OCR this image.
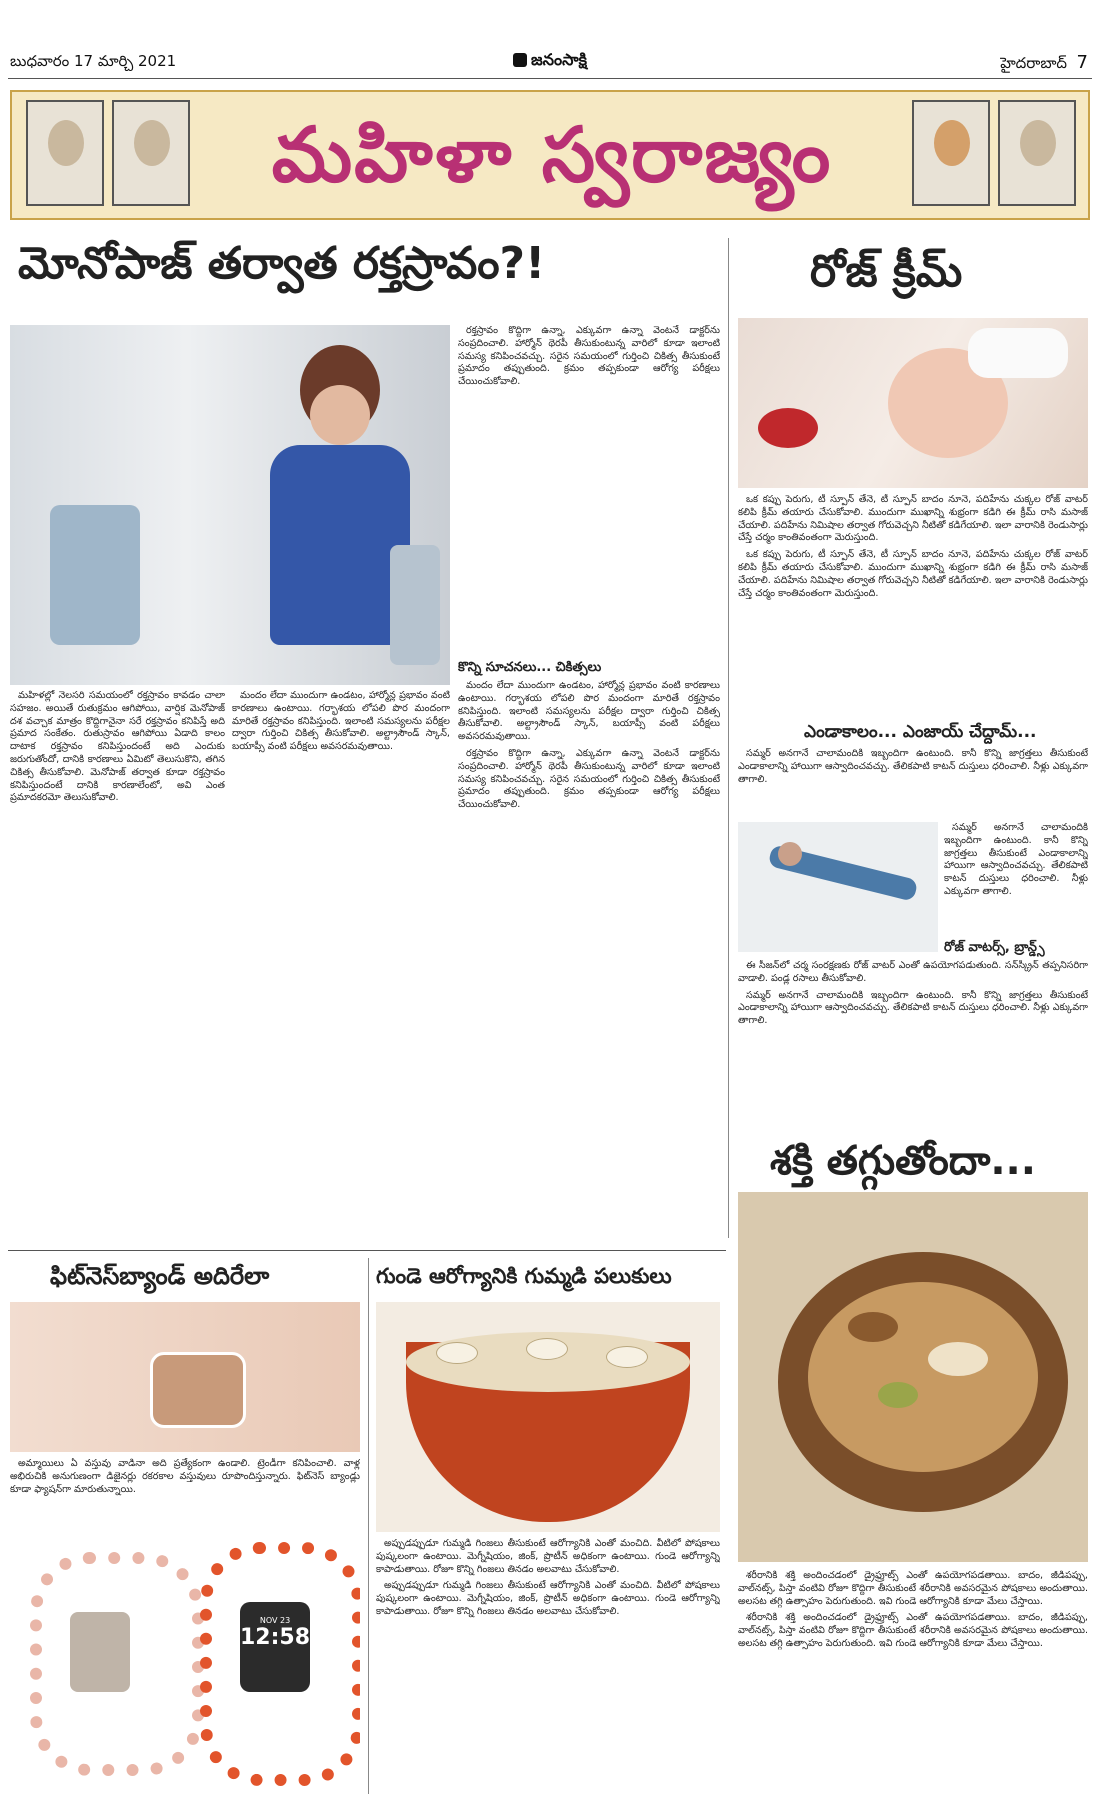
బుధవారం 17 మార్చి 2021	జనంసాక్షి	హైదరాబాద్ 7
మహిళా స్వరాజ్యం
మోనోపాజ్ తర్వాత రక్తస్రావం?!

మహిళల్లో నెలసరి సమయంలో రక్తస్రావం కావడం చాలా సహజం. అయితే రుతుక్రమం ఆగిపోయి, వార్షిక మెనోపాజ్ దశ వచ్చాక మాత్రం కొద్దిగానైనా సరే రక్తస్రావం కనిపిస్తే అది ప్రమాద సంకేతం. రుతుస్రావం ఆగిపోయి ఏడాది కాలం దాటాక రక్తస్రావం కనిపిస్తుందంటే అది ఎందుకు జరుగుతోందో, దానికి కారణాలు ఏమిటో తెలుసుకొని, తగిన చికిత్స తీసుకోవాలి. మెనోపాజ్ తర్వాత కూడా రక్తస్రావం కనిపిస్తుందంటే దానికి కారణాలేంటో, అవి ఎంత ప్రమాదకరమో తెలుసుకోవాలి.

మందం లేదా ముందుగా ఉండటం, హార్మోన్ల ప్రభావం వంటి కారణాలు ఉంటాయి. గర్భాశయ లోపలి పొర మందంగా మారితే రక్తస్రావం కనిపిస్తుంది. ఇలాంటి సమస్యలను పరీక్షల ద్వారా గుర్తించి చికిత్స తీసుకోవాలి. అల్ట్రాసౌండ్ స్కాన్, బయాప్సీ వంటి పరీక్షలు అవసరమవుతాయి.

రక్తస్రావం కొద్దిగా ఉన్నా, ఎక్కువగా ఉన్నా వెంటనే డాక్టర్‌ను సంప్రదించాలి. హార్మోన్ థెరపీ తీసుకుంటున్న వారిలో కూడా ఇలాంటి సమస్య కనిపించవచ్చు. సరైన సమయంలో గుర్తించి చికిత్స తీసుకుంటే ప్రమాదం తప్పుతుంది. క్రమం తప్పకుండా ఆరోగ్య పరీక్షలు చేయించుకోవాలి.

కొన్ని సూచనలు... చికిత్సలు

మందం లేదా ముందుగా ఉండటం, హార్మోన్ల ప్రభావం వంటి కారణాలు ఉంటాయి. గర్భాశయ లోపలి పొర మందంగా మారితే రక్తస్రావం కనిపిస్తుంది. ఇలాంటి సమస్యలను పరీక్షల ద్వారా గుర్తించి చికిత్స తీసుకోవాలి. అల్ట్రాసౌండ్ స్కాన్, బయాప్సీ వంటి పరీక్షలు అవసరమవుతాయి.

రక్తస్రావం కొద్దిగా ఉన్నా, ఎక్కువగా ఉన్నా వెంటనే డాక్టర్‌ను సంప్రదించాలి. హార్మోన్ థెరపీ తీసుకుంటున్న వారిలో కూడా ఇలాంటి సమస్య కనిపించవచ్చు. సరైన సమయంలో గుర్తించి చికిత్స తీసుకుంటే ప్రమాదం తప్పుతుంది. క్రమం తప్పకుండా ఆరోగ్య పరీక్షలు చేయించుకోవాలి.

రోజ్ క్రీమ్

ఒక కప్పు పెరుగు, టీ స్పూన్ తేనె, టీ స్పూన్ బాదం నూనె, పదిహేను చుక్కల రోజ్ వాటర్ కలిపి క్రీమ్ తయారు చేసుకోవాలి. ముందుగా ముఖాన్ని శుభ్రంగా కడిగి ఈ క్రీమ్ రాసి మసాజ్ చేయాలి. పదిహేను నిమిషాల తర్వాత గోరువెచ్చని నీటితో కడిగేయాలి. ఇలా వారానికి రెండుసార్లు చేస్తే చర్మం కాంతివంతంగా మెరుస్తుంది.

ఒక కప్పు పెరుగు, టీ స్పూన్ తేనె, టీ స్పూన్ బాదం నూనె, పదిహేను చుక్కల రోజ్ వాటర్ కలిపి క్రీమ్ తయారు చేసుకోవాలి. ముందుగా ముఖాన్ని శుభ్రంగా కడిగి ఈ క్రీమ్ రాసి మసాజ్ చేయాలి. పదిహేను నిమిషాల తర్వాత గోరువెచ్చని నీటితో కడిగేయాలి. ఇలా వారానికి రెండుసార్లు చేస్తే చర్మం కాంతివంతంగా మెరుస్తుంది.

ఎండాకాలం... ఎంజాయ్ చేద్దామ్...

సమ్మర్ అనగానే చాలామందికి ఇబ్బందిగా ఉంటుంది. కానీ కొన్ని జాగ్రత్తలు తీసుకుంటే ఎండాకాలాన్ని హాయిగా ఆస్వాదించవచ్చు. తేలికపాటి కాటన్ దుస్తులు ధరించాలి. నీళ్లు ఎక్కువగా తాగాలి.

సమ్మర్ అనగానే చాలామందికి ఇబ్బందిగా ఉంటుంది. కానీ కొన్ని జాగ్రత్తలు తీసుకుంటే ఎండాకాలాన్ని హాయిగా ఆస్వాదించవచ్చు. తేలికపాటి కాటన్ దుస్తులు ధరించాలి. నీళ్లు ఎక్కువగా తాగాలి.

రోజ్ వాటర్స్, బ్రాన్డ్స్

ఈ సీజన్‌లో చర్మ సంరక్షణకు రోజ్ వాటర్ ఎంతో ఉపయోగపడుతుంది. సన్‌స్క్రీన్ తప్పనిసరిగా వాడాలి. పండ్ల రసాలు తీసుకోవాలి.

సమ్మర్ అనగానే చాలామందికి ఇబ్బందిగా ఉంటుంది. కానీ కొన్ని జాగ్రత్తలు తీసుకుంటే ఎండాకాలాన్ని హాయిగా ఆస్వాదించవచ్చు. తేలికపాటి కాటన్ దుస్తులు ధరించాలి. నీళ్లు ఎక్కువగా తాగాలి.

శక్తి తగ్గుతోందా...

శరీరానికి శక్తి అందించడంలో డ్రైఫ్రూట్స్ ఎంతో ఉపయోగపడతాయి. బాదం, జీడిపప్పు, వాల్‌నట్స్, పిస్తా వంటివి రోజూ కొద్దిగా తీసుకుంటే శరీరానికి అవసరమైన పోషకాలు అందుతాయి. అలసట తగ్గి ఉత్సాహం పెరుగుతుంది. ఇవి గుండె ఆరోగ్యానికి కూడా మేలు చేస్తాయి.

శరీరానికి శక్తి అందించడంలో డ్రైఫ్రూట్స్ ఎంతో ఉపయోగపడతాయి. బాదం, జీడిపప్పు, వాల్‌నట్స్, పిస్తా వంటివి రోజూ కొద్దిగా తీసుకుంటే శరీరానికి అవసరమైన పోషకాలు అందుతాయి. అలసట తగ్గి ఉత్సాహం పెరుగుతుంది. ఇవి గుండె ఆరోగ్యానికి కూడా మేలు చేస్తాయి.

ఫిట్‌నెస్‌బ్యాండ్ అదిరేలా

అమ్మాయిలు ఏ వస్తువు వాడినా అది ప్రత్యేకంగా ఉండాలి. ట్రెండీగా కనిపించాలి. వాళ్ల అభిరుచికి అనుగుణంగా డిజైనర్లు రకరకాల వస్తువులు రూపొందిస్తున్నారు. ఫిట్‌నెస్ బ్యాండ్లు కూడా ఫ్యాషన్‌గా మారుతున్నాయి.

NOV 23
12:58
గుండె ఆరోగ్యానికి గుమ్మడి పలుకులు

అప్పుడప్పుడూ గుమ్మడి గింజలు తీసుకుంటే ఆరోగ్యానికి ఎంతో మంచిది. వీటిలో పోషకాలు పుష్కలంగా ఉంటాయి. మెగ్నీషియం, జింక్, ప్రొటీన్ అధికంగా ఉంటాయి. గుండె ఆరోగ్యాన్ని కాపాడుతాయి. రోజూ కొన్ని గింజలు తినడం అలవాటు చేసుకోవాలి.

అప్పుడప్పుడూ గుమ్మడి గింజలు తీసుకుంటే ఆరోగ్యానికి ఎంతో మంచిది. వీటిలో పోషకాలు పుష్కలంగా ఉంటాయి. మెగ్నీషియం, జింక్, ప్రొటీన్ అధికంగా ఉంటాయి. గుండె ఆరోగ్యాన్ని కాపాడుతాయి. రోజూ కొన్ని గింజలు తినడం అలవాటు చేసుకోవాలి.
